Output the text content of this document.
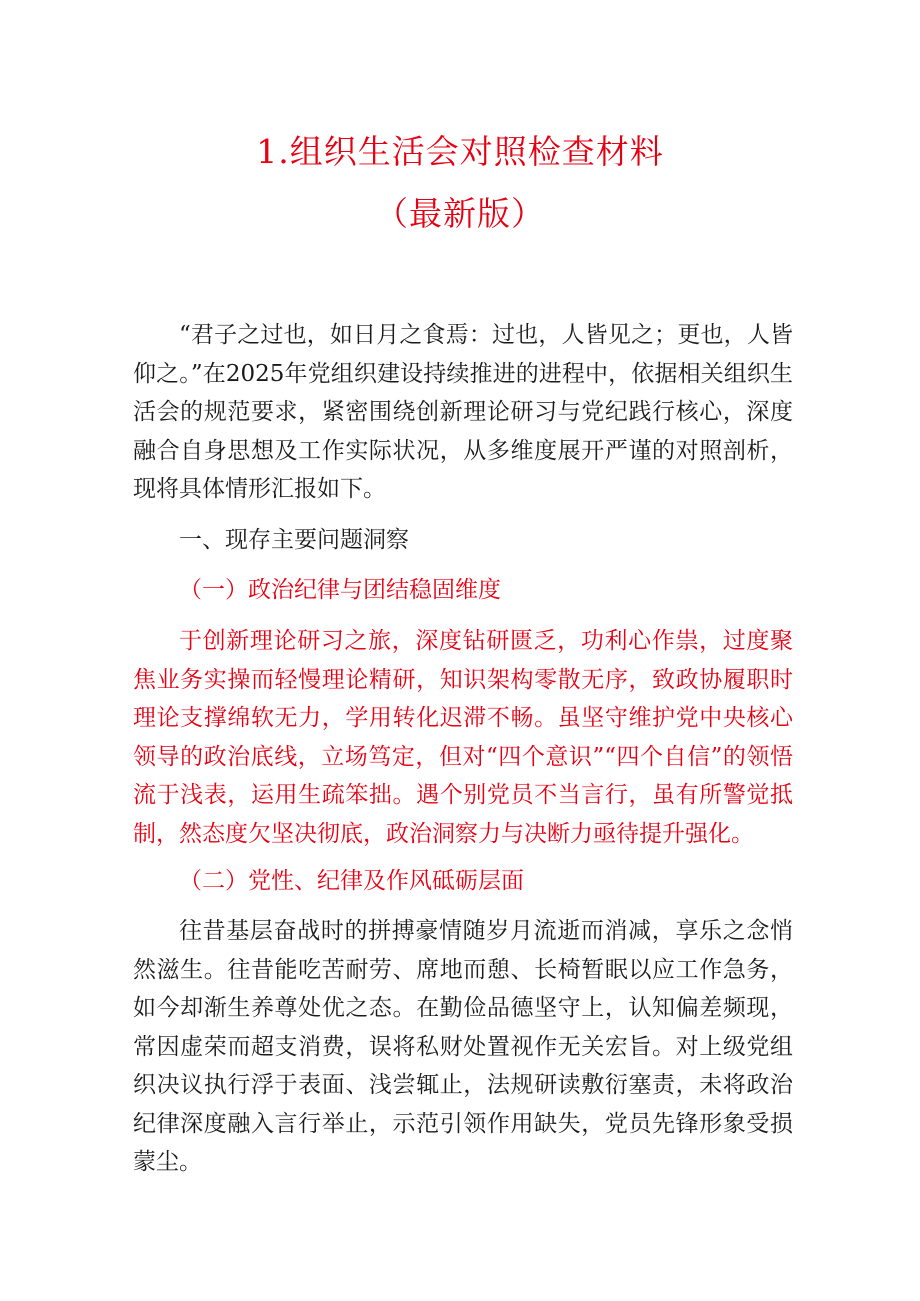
1.组织生活会对照检查材料
（最新版）

“君子之过也，如日月之食焉：过也，人皆见之；更也，人皆仰之。”在2025年党组织建设持续推进的进程中，依据相关组织生活会的规范要求，紧密围绕创新理论研习与党纪践行核心，深度融合自身思想及工作实际状况，从多维度展开严谨的对照剖析，现将具体情形汇报如下。

一、现存主要问题洞察

（一）政治纪律与团结稳固维度

于创新理论研习之旅，深度钻研匮乏，功利心作祟，过度聚焦业务实操而轻慢理论精研，知识架构零散无序，致政协履职时理论支撑绵软无力，学用转化迟滞不畅。虽坚守维护党中央核心领导的政治底线，立场笃定，但对“四个意识”“四个自信”的领悟流于浅表，运用生疏笨拙。遇个别党员不当言行，虽有所警觉抵制，然态度欠坚决彻底，政治洞察力与决断力亟待提升强化。

（二）党性、纪律及作风砥砺层面

往昔基层奋战时的拼搏豪情随岁月流逝而消减，享乐之念悄然滋生。往昔能吃苦耐劳、席地而憩、长椅暂眠以应工作急务，如今却渐生养尊处优之态。在勤俭品德坚守上，认知偏差频现，常因虚荣而超支消费，误将私财处置视作无关宏旨。对上级党组织决议执行浮于表面、浅尝辄止，法规研读敷衍塞责，未将政治纪律深度融入言行举止，示范引领作用缺失，党员先锋形象受损蒙尘。
